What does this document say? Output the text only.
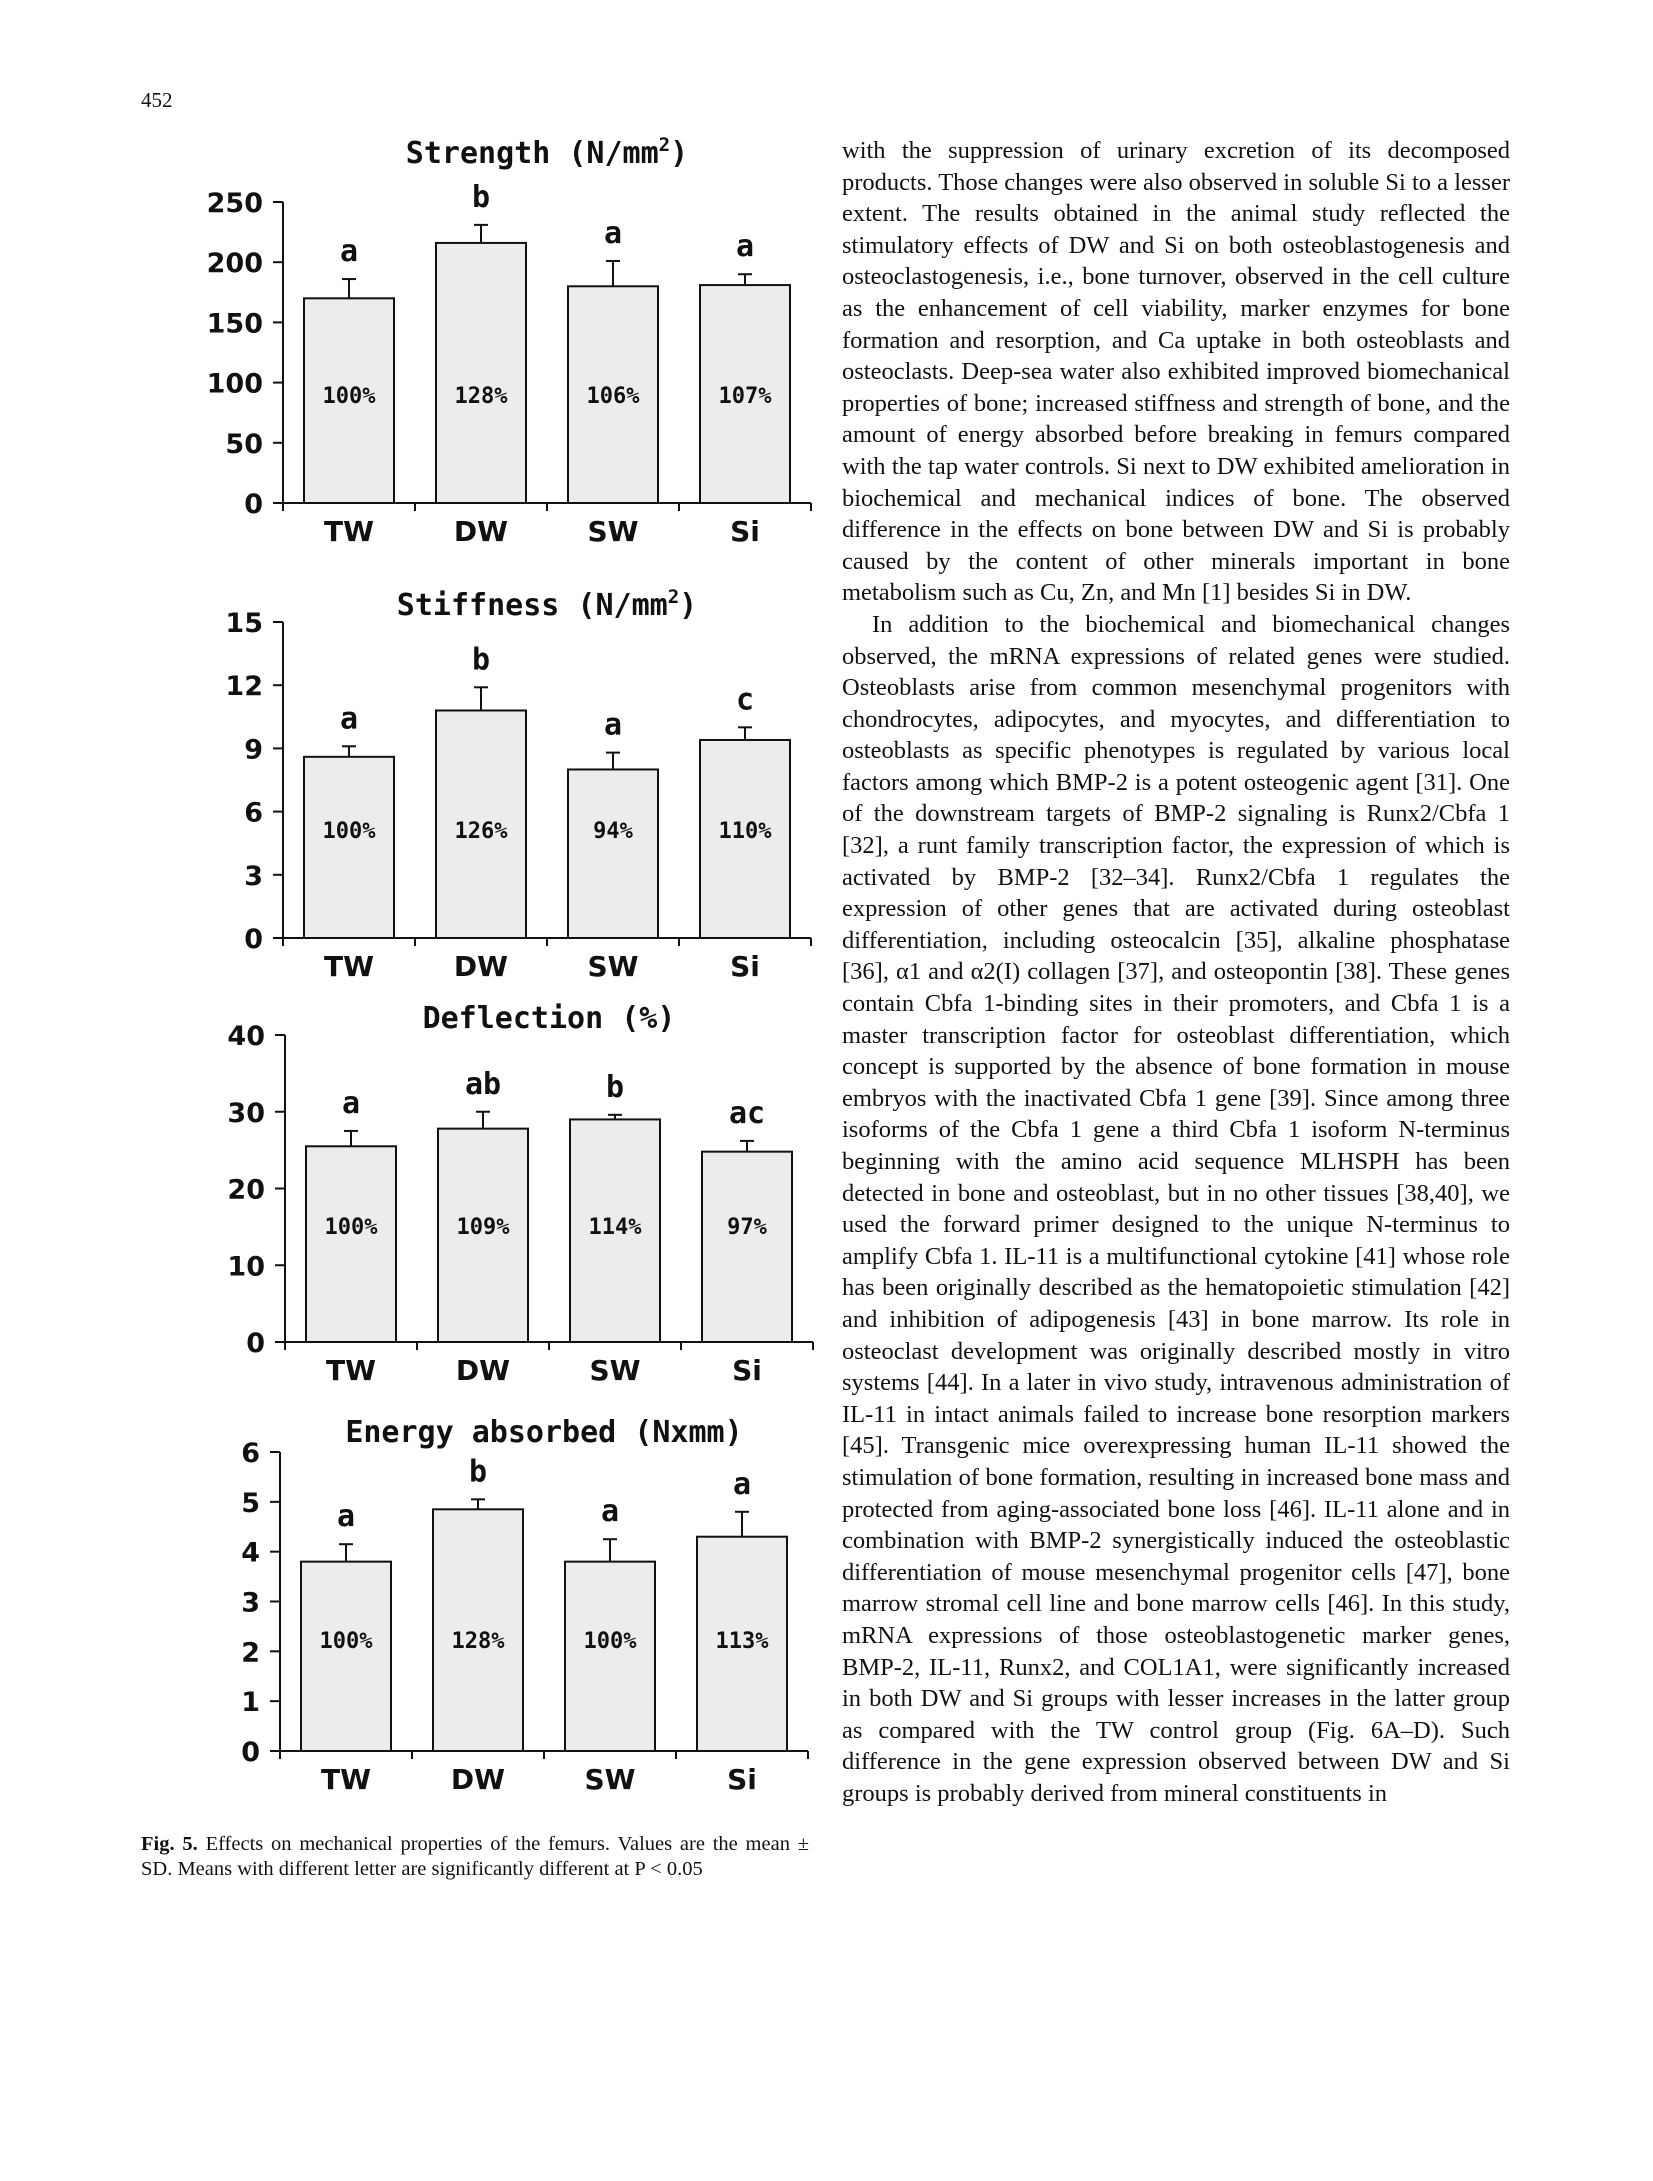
452
Strength $(N/mm^2)$
0
50
100
150
200
250
a
100%
TW
b
128%
DW
a
106%
SW
a
107%
Si
Stiffness $(N/mm^2)$
0
3
6
9
12
15
a
100%
TW
b
126%
DW
a
94%
SW
c
110%
Si
Deflection (%)
0
10
20
30
40
a
100%
TW
ab
109%
DW
b
114%
SW
ac
97%
Si
Energy absorbed (Nxmm)
0
1
2
3
4
5
6
a
100%
TW
b
128%
DW
a
100%
SW
a
113%
Si
Fig. 5. Effects on mechanical properties of the femurs. Values are the mean ± SD. Means with different letter are significantly different at P < 0.05

with the suppression of urinary excretion of its decomposed products. Those changes were also observed in soluble Si to a lesser extent. The results obtained in the animal study reflected the stimulatory effects of DW and Si on both osteoblastogenesis and osteoclastogenesis, i.e., bone turnover, observed in the cell culture as the enhancement of cell viability, marker enzymes for bone formation and resorption, and Ca uptake in both osteoblasts and osteoclasts. Deep-sea water also exhibited improved biomechanical properties of bone; increased stiffness and strength of bone, and the amount of energy absorbed before breaking in femurs compared with the tap water controls. Si next to DW exhibited amelioration in biochemical and mechanical indices of bone. The observed difference in the effects on bone between DW and Si is probably caused by the content of other minerals important in bone metabolism such as Cu, Zn, and Mn [1] besides Si in DW.

In addition to the biochemical and biomechanical changes observed, the mRNA expressions of related genes were studied. Osteoblasts arise from common mesenchymal progenitors with chondrocytes, adipocytes, and myocytes, and differentiation to osteoblasts as specific phenotypes is regulated by various local factors among which BMP-2 is a potent osteogenic agent [31]. One of the downstream targets of BMP-2 signaling is Runx2/Cbfa 1 [32], a runt family transcription factor, the expression of which is activated by BMP-2 [32–34]. Runx2/Cbfa 1 regulates the expression of other genes that are activated during osteoblast differentiation, including osteocalcin [35], alkaline phosphatase [36], α1 and α2(I) collagen [37], and osteopontin [38]. These genes contain Cbfa 1-binding sites in their promoters, and Cbfa 1 is a master transcription factor for osteoblast differentiation, which concept is supported by the absence of bone formation in mouse embryos with the inactivated Cbfa 1 gene [39]. Since among three isoforms of the Cbfa 1 gene a third Cbfa 1 isoform N-terminus beginning with the amino acid sequence MLHSPH has been detected in bone and osteoblast, but in no other tissues [38,40], we used the forward primer designed to the unique N-terminus to amplify Cbfa 1. IL-11 is a multifunctional cytokine [41] whose role has been originally described as the hematopoietic stimulation [42] and inhibition of adipogenesis [43] in bone marrow. Its role in osteoclast development was originally described mostly in vitro systems [44]. In a later in vivo study, intravenous administration of IL-11 in intact animals failed to increase bone resorption markers [45]. Transgenic mice overexpressing human IL-11 showed the stimulation of bone formation, resulting in increased bone mass and protected from aging-associated bone loss [46]. IL-11 alone and in combination with BMP-2 synergistically induced the osteoblastic differentiation of mouse mesenchymal progenitor cells [47], bone marrow stromal cell line and bone marrow cells [46]. In this study, mRNA expressions of those osteoblastogenetic marker genes, BMP-2, IL-11, Runx2, and COL1A1, were significantly increased in both DW and Si groups with lesser increases in the latter group as compared with the TW control group (Fig. 6A–D). Such difference in the gene expression observed between DW and Si groups is probably derived from mineral constituents in
